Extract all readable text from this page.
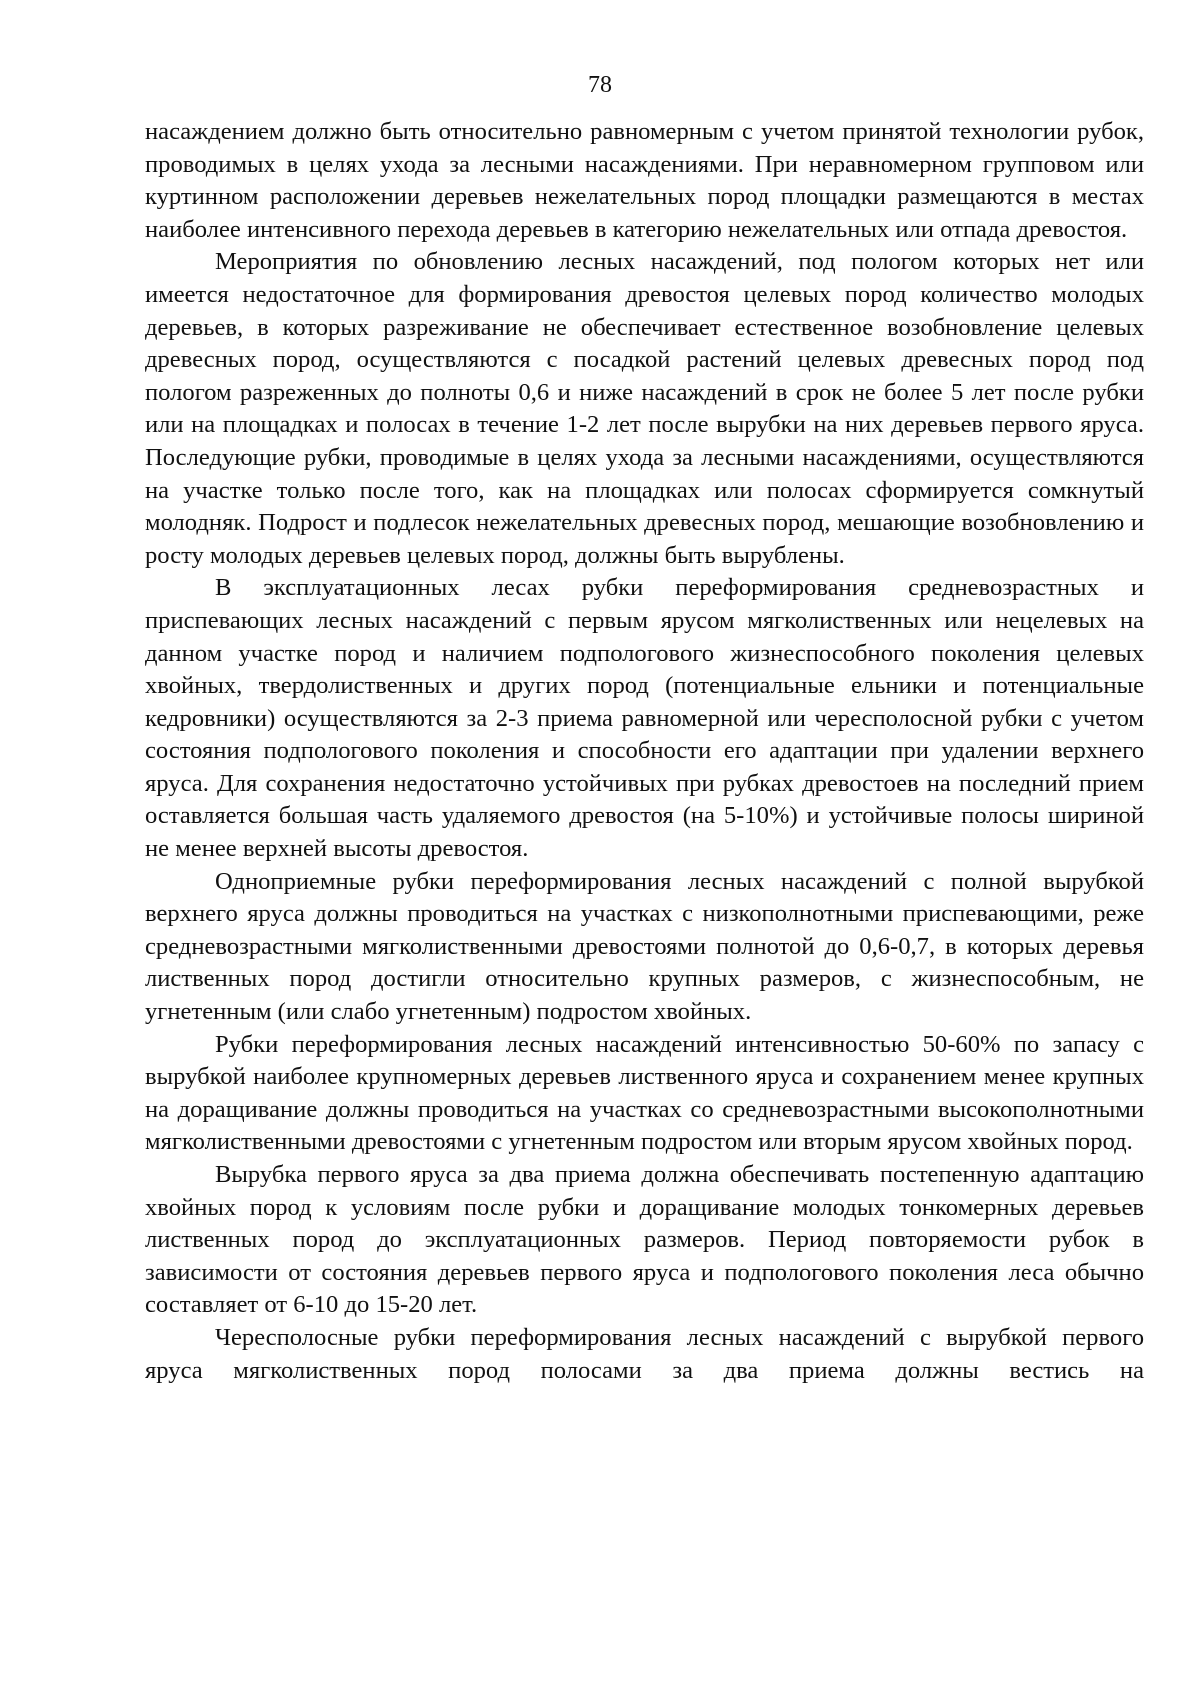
78

насаждением должно быть относительно равномерным с учетом принятой технологии рубок, проводимых в целях ухода за лесными насаждениями. При неравномерном групповом или куртинном расположении деревьев нежелательных пород площадки размещаются в местах наиболее интенсивного перехода деревьев в категорию нежелательных или отпада древостоя.

Мероприятия по обновлению лесных насаждений, под пологом которых нет или имеется недостаточное для формирования древостоя целевых пород количество молодых деревьев, в которых разреживание не обеспечивает естественное возобновление целевых древесных пород, осуществляются с посадкой растений целевых древесных пород под пологом разреженных до полноты 0,6 и ниже насаждений в срок не более 5 лет после рубки или на площадках и полосах в течение 1-2 лет после вырубки на них деревьев первого яруса. Последующие рубки, проводимые в целях ухода за лесными насаждениями, осуществляются на участке только после того, как на площадках или полосах сформируется сомкнутый молодняк. Подрост и подлесок нежелательных древесных пород, мешающие возобновлению и росту молодых деревьев целевых пород, должны быть вырублены.

В эксплуатационных лесах рубки переформирования средневозрастных и приспевающих лесных насаждений с первым ярусом мягколиственных или нецелевых на данном участке пород и наличием подпологового жизнеспособного поколения целевых хвойных, твердолиственных и других пород (потенциальные ельники и потенциальные кедровники) осуществляются за 2-3 приема равномерной или чересполосной рубки с учетом состояния подпологового поколения и способности его адаптации при удалении верхнего яруса. Для сохранения недостаточно устойчивых при рубках древостоев на последний прием оставляется большая часть удаляемого древостоя (на 5-10%) и устойчивые полосы шириной не менее верхней высоты древостоя.

Одноприемные рубки переформирования лесных насаждений с полной вырубкой верхнего яруса должны проводиться на участках с низкополнотными приспевающими, реже средневозрастными мягколиственными древостоями полнотой до 0,6-0,7, в которых деревья лиственных пород достигли относительно крупных размеров, с жизнеспособным, не угнетенным (или слабо угнетенным) подростом хвойных.

Рубки переформирования лесных насаждений интенсивностью 50-60% по запасу с вырубкой наиболее крупномерных деревьев лиственного яруса и сохранением менее крупных на доращивание должны проводиться на участках со средневозрастными высокополнотными мягколиственными древостоями с угнетенным подростом или вторым ярусом хвойных пород.

Вырубка первого яруса за два приема должна обеспечивать постепенную адаптацию хвойных пород к условиям после рубки и доращивание молодых тонкомерных деревьев лиственных пород до эксплуатационных размеров. Период повторяемости рубок в зависимости от состояния деревьев первого яруса и подпологового поколения леса обычно составляет от 6-10 до 15-20 лет.

Чересполосные рубки переформирования лесных насаждений с вырубкой первого яруса мягколиственных пород полосами за два приема должны вестись на
